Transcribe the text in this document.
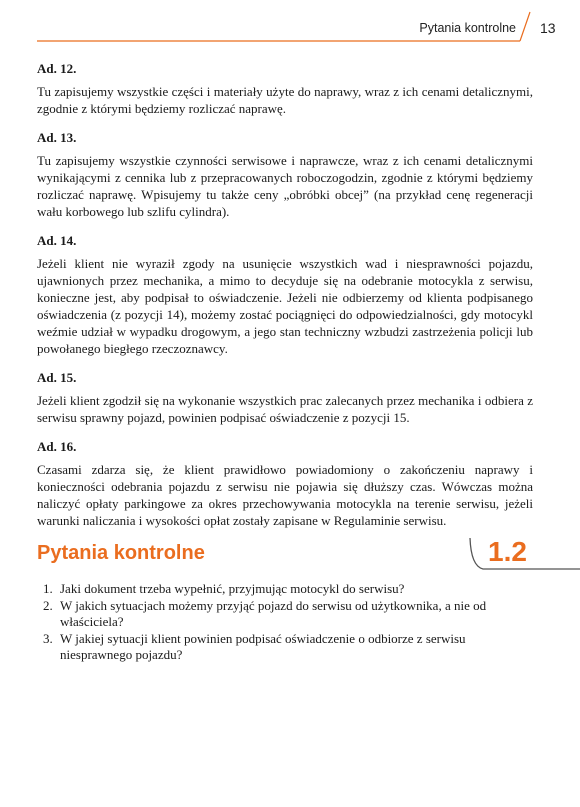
Pytania kontrolne 13

Ad. 12.

Tu zapisujemy wszystkie części i materiały użyte do naprawy, wraz z ich cenami detalicznymi, zgodnie z którymi będziemy rozliczać naprawę.

Ad. 13.

Tu zapisujemy wszystkie czynności serwisowe i naprawcze, wraz z ich cenami detalicznymi wynikającymi z cennika lub z przepracowanych roboczogodzin, zgodnie z którymi będziemy rozliczać naprawę. Wpisujemy tu także ceny „obróbki obcej” (na przykład cenę regeneracji wału korbowego lub szlifu cylindra).

Ad. 14.

Jeżeli klient nie wyraził zgody na usunięcie wszystkich wad i niesprawności pojazdu, ujawnionych przez mechanika, a mimo to decyduje się na odebranie motocykla z serwisu, konieczne jest, aby podpisał to oświadczenie. Jeżeli nie odbierzemy od klienta podpisanego oświadczenia (z pozycji 14), możemy zostać pociągnięci do odpowiedzialności, gdy motocykl weźmie udział w wypadku drogowym, a jego stan techniczny wzbudzi zastrzeżenia policji lub powołanego biegłego rzeczoznawcy.

Ad. 15.

Jeżeli klient zgodził się na wykonanie wszystkich prac zalecanych przez mechanika i odbiera z serwisu sprawny pojazd, powinien podpisać oświadczenie z pozycji 15.

Ad. 16.

Czasami zdarza się, że klient prawidłowo powiadomiony o zakończeniu naprawy i konieczności odebrania pojazdu z serwisu nie pojawia się dłuższy czas. Wówczas można naliczyć opłaty parkingowe za okres przechowywania motocykla na terenie serwisu, jeżeli warunki naliczania i wysokości opłat zostały zapisane w Regulaminie serwisu.

Pytania kontrolne	1.2
1. Jaki dokument trzeba wypełnić, przyjmując motocykl do serwisu?
2. W jakich sytuacjach możemy przyjąć pojazd do serwisu od użytkownika, a nie od właściciela?
3. W jakiej sytuacji klient powinien podpisać oświadczenie o odbiorze z serwisu niesprawnego pojazdu?
